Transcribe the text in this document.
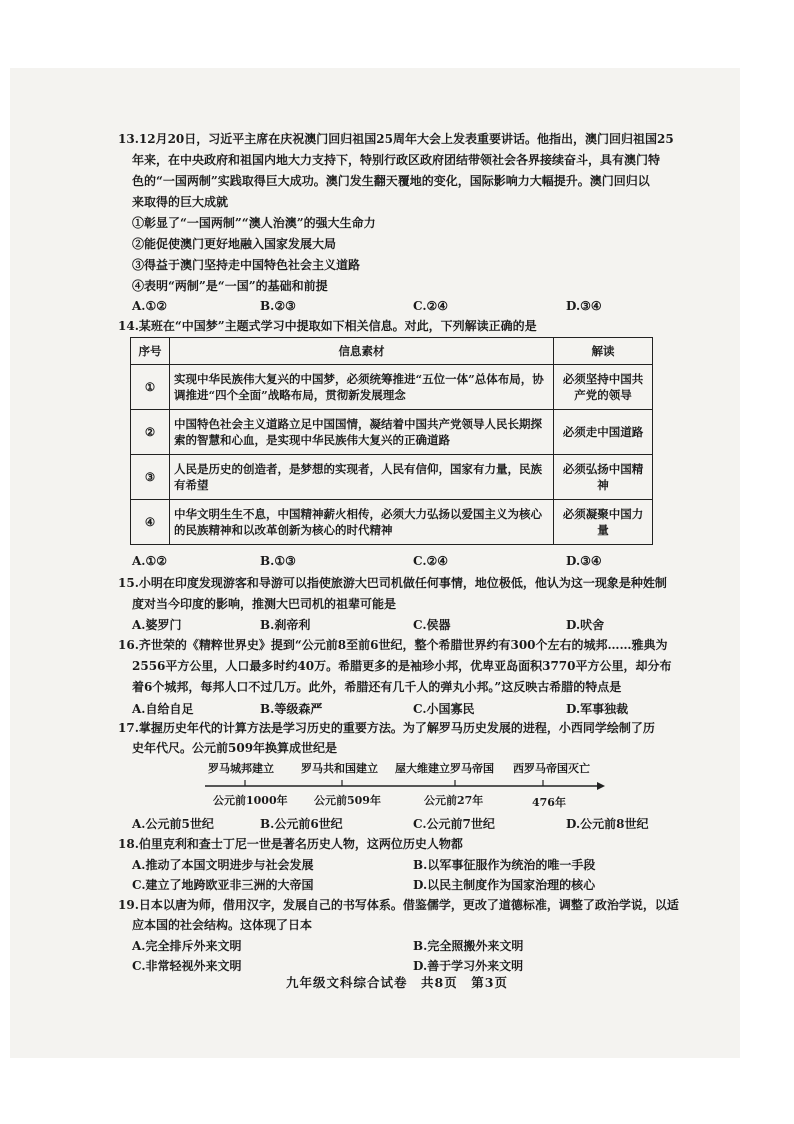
13.12月20日，习近平主席在庆祝澳门回归祖国25周年大会上发表重要讲话。他指出，澳门回归祖国25
年来，在中央政府和祖国内地大力支持下，特别行政区政府团结带领社会各界接续奋斗，具有澳门特
色的“一国两制”实践取得巨大成功。澳门发生翻天覆地的变化，国际影响力大幅提升。澳门回归以
来取得的巨大成就
①彰显了“一国两制”“澳人治澳”的强大生命力
②能促使澳门更好地融入国家发展大局
③得益于澳门坚持走中国特色社会主义道路
④表明“两制”是“一国”的基础和前提
A.①②	B.②③	C.②④	D.③④
14.某班在“中国梦”主题式学习中提取如下相关信息。对此，下列解读正确的是
序号	信息素材	解读
①	实现中华民族伟大复兴的中国梦，必须统筹推进“五位一体”总体布局，协调推进“四个全面”战略布局，贯彻新发展理念	必须坚持中国共产党的领导
②	中国特色社会主义道路立足中国国情，凝结着中国共产党领导人民长期探索的智慧和心血，是实现中华民族伟大复兴的正确道路	必须走中国道路
③	人民是历史的创造者，是梦想的实现者，人民有信仰，国家有力量，民族有希望	必须弘扬中国精神
④	中华文明生生不息，中国精神薪火相传，必须大力弘扬以爱国主义为核心的民族精神和以改革创新为核心的时代精神	必须凝聚中国力量
A.①②	B.①③	C.②④	D.③④
15.小明在印度发现游客和导游可以指使旅游大巴司机做任何事情，地位极低，他认为这一现象是种姓制
度对当今印度的影响，推测大巴司机的祖辈可能是
A.婆罗门	B.刹帝利	C.侯器	D.吠舍
16.齐世荣的《精粹世界史》提到“公元前8至前6世纪，整个希腊世界约有300个左右的城邦……雅典为
2556平方公里，人口最多时约40万。希腊更多的是袖珍小邦，优卑亚岛面积3770平方公里，却分布
着6个城邦，每邦人口不过几万。此外，希腊还有几千人的弹丸小邦。”这反映古希腊的特点是
A.自给自足	B.等级森严	C.小国寡民	D.军事独裁
17.掌握历史年代的计算方法是学习历史的重要方法。为了解罗马历史发展的进程，小西同学绘制了历
史年代尺。公元前509年换算成世纪是
罗马城邦建立 罗马共和国建立 屋大维建立罗马帝国 西罗马帝国灭亡
公元前1000年 公元前509年	公元前27年	476年
A.公元前5世纪	B.公元前6世纪	C.公元前7世纪	D.公元前8世纪
18.伯里克利和查士丁尼一世是著名历史人物，这两位历史人物都
A.推动了本国文明进步与社会发展	B.以军事征服作为统治的唯一手段
C.建立了地跨欧亚非三洲的大帝国	D.以民主制度作为国家治理的核心
19.日本以唐为师，借用汉字，发展自己的书写体系。借鉴儒学，更改了道德标准，调整了政治学说，以适
应本国的社会结构。这体现了日本
A.完全排斥外来文明	B.完全照搬外来文明
C.非常轻视外来文明	D.善于学习外来文明
九年级文科综合试卷　共8页　第3页
